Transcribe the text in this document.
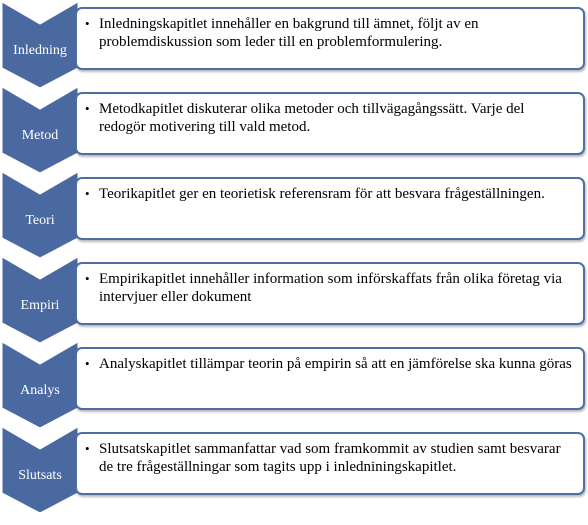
Inledning
• Inledningskapitlet innehåller en bakgrund till ämnet, följt av en problemdiskussion som leder till en problemformulering.
Metod
• Metodkapitlet diskuterar olika metoder och tillvägagångssätt. Varje del redogör motivering till vald metod.
Teori
• Teorikapitlet ger en teorietisk referensram för att besvara frågeställningen.
Empiri
• Empirikapitlet innehåller information som införskaffats från olika företag via intervjuer eller dokument
Analys
• Analyskapitlet tillämpar teorin på empirin så att en jämförelse ska kunna göras
Slutsats
• Slutsatskapitlet sammanfattar vad som framkommit av studien samt besvarar de tre frågeställningar som tagits upp i inledniningskapitlet.
